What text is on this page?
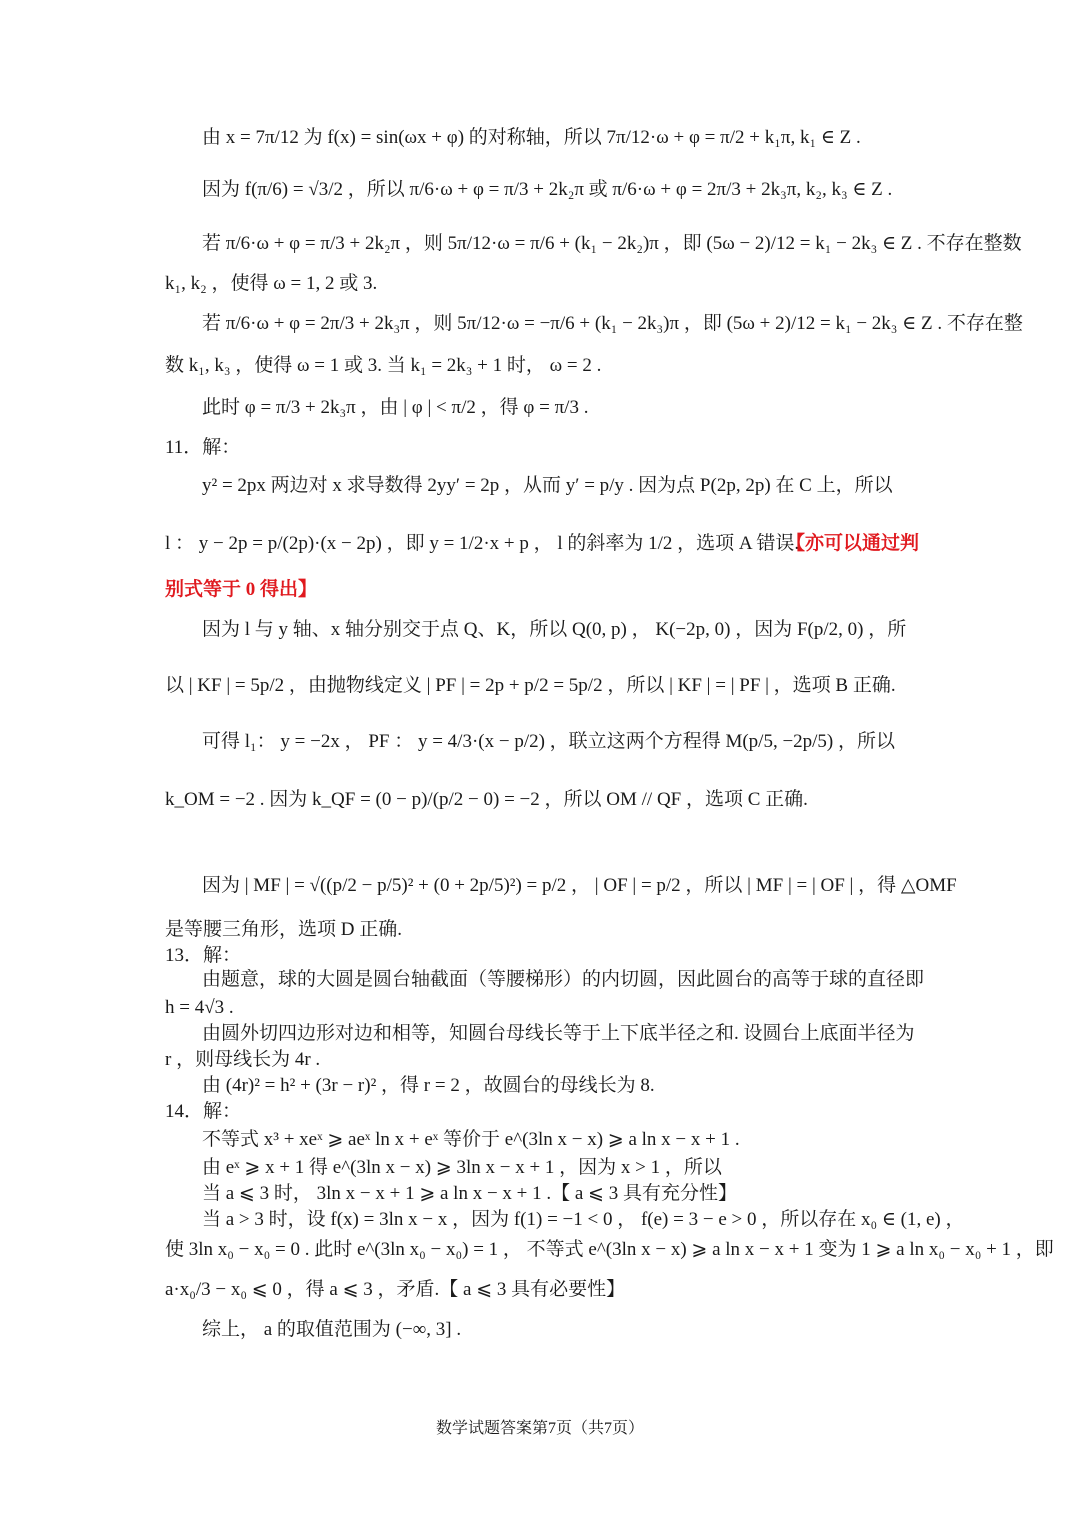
由 x = 7π/12 为 f(x) = sin(ωx + φ) 的对称轴，所以 7π/12·ω + φ = π/2 + k₁π, k₁ ∈ Z .
因为 f(π/6) = √3/2 ，所以 π/6·ω + φ = π/3 + 2k₂π 或 π/6·ω + φ = 2π/3 + 2k₃π, k₂, k₃ ∈ Z .
若 π/6·ω + φ = π/3 + 2k₂π ，则 5π/12·ω = π/6 + (k₁ − 2k₂)π ，即 (5ω − 2)/12 = k₁ − 2k₃ ∈ Z . 不存在整数
k₁, k₂ ，使得 ω = 1, 2 或 3.
若 π/6·ω + φ = 2π/3 + 2k₃π ，则 5π/12·ω = −π/6 + (k₁ − 2k₃)π ，即 (5ω + 2)/12 = k₁ − 2k₃ ∈ Z . 不存在整
数 k₁, k₃ ，使得 ω = 1 或 3. 当 k₁ = 2k₃ + 1 时， ω = 2 .
此时 φ = π/3 + 2k₃π ，由 | φ | < π/2 ，得 φ = π/3 .
11．解：
y² = 2px 两边对 x 求导数得 2yy′ = 2p ，从而 y′ = p/y . 因为点 P(2p, 2p) 在 C 上，所以
l ： y − 2p = p/(2p)·(x − 2p) ，即 y = 1/2·x + p ， l 的斜率为 1/2 ，选项 A 错误.
【亦可以通过判
别式等于 0 得出】
因为 l 与 y 轴、x 轴分别交于点 Q、K，所以 Q(0, p) ， K(−2p, 0) ，因为 F(p/2, 0) ，所
以 | KF | = 5p/2 ，由抛物线定义 | PF | = 2p + p/2 = 5p/2 ，所以 | KF | = | PF | ，选项 B 正确.
可得 l₁： y = −2x ， PF ： y = 4/3·(x − p/2) ，联立这两个方程得 M(p/5, −2p/5) ，所以
k_OM = −2 . 因为 k_QF = (0 − p)/(p/2 − 0) = −2 ，所以 OM // QF ，选项 C 正确.
因为 | MF | = √((p/2 − p/5)² + (0 + 2p/5)²) = p/2 ， | OF | = p/2 ，所以 | MF | = | OF | ，得 △OMF
是等腰三角形，选项 D 正确.
13．解：
由题意，球的大圆是圆台轴截面（等腰梯形）的内切圆，因此圆台的高等于球的直径即
h = 4√3 .
由圆外切四边形对边和相等，知圆台母线长等于上下底半径之和. 设圆台上底面半径为
r ，则母线长为 4r .
由 (4r)² = h² + (3r − r)² ，得 r = 2 ，故圆台的母线长为 8.
14．解：
不等式 x³ + xeˣ ⩾ aeˣ ln x + eˣ 等价于 e^(3ln x − x) ⩾ a ln x − x + 1 .
由 eˣ ⩾ x + 1 得 e^(3ln x − x) ⩾ 3ln x − x + 1 ，因为 x > 1 ，所以
当 a ⩽ 3 时， 3ln x − x + 1 ⩾ a ln x − x + 1 .【 a ⩽ 3 具有充分性】
当 a > 3 时，设 f(x) = 3ln x − x ，因为 f(1) = −1 < 0 ， f(e) = 3 − e > 0 ，所以存在 x₀ ∈ (1, e) ，
使 3ln x₀ − x₀ = 0 . 此时 e^(3ln x₀ − x₀) = 1 ， 不等式 e^(3ln x − x) ⩾ a ln x − x + 1 变为 1 ⩾ a ln x₀ − x₀ + 1 ，即
a·x₀/3 − x₀ ⩽ 0 ，得 a ⩽ 3 ，矛盾.【 a ⩽ 3 具有必要性】
综上， a 的取值范围为 (−∞, 3] .
数学试题答案第7页（共7页）
